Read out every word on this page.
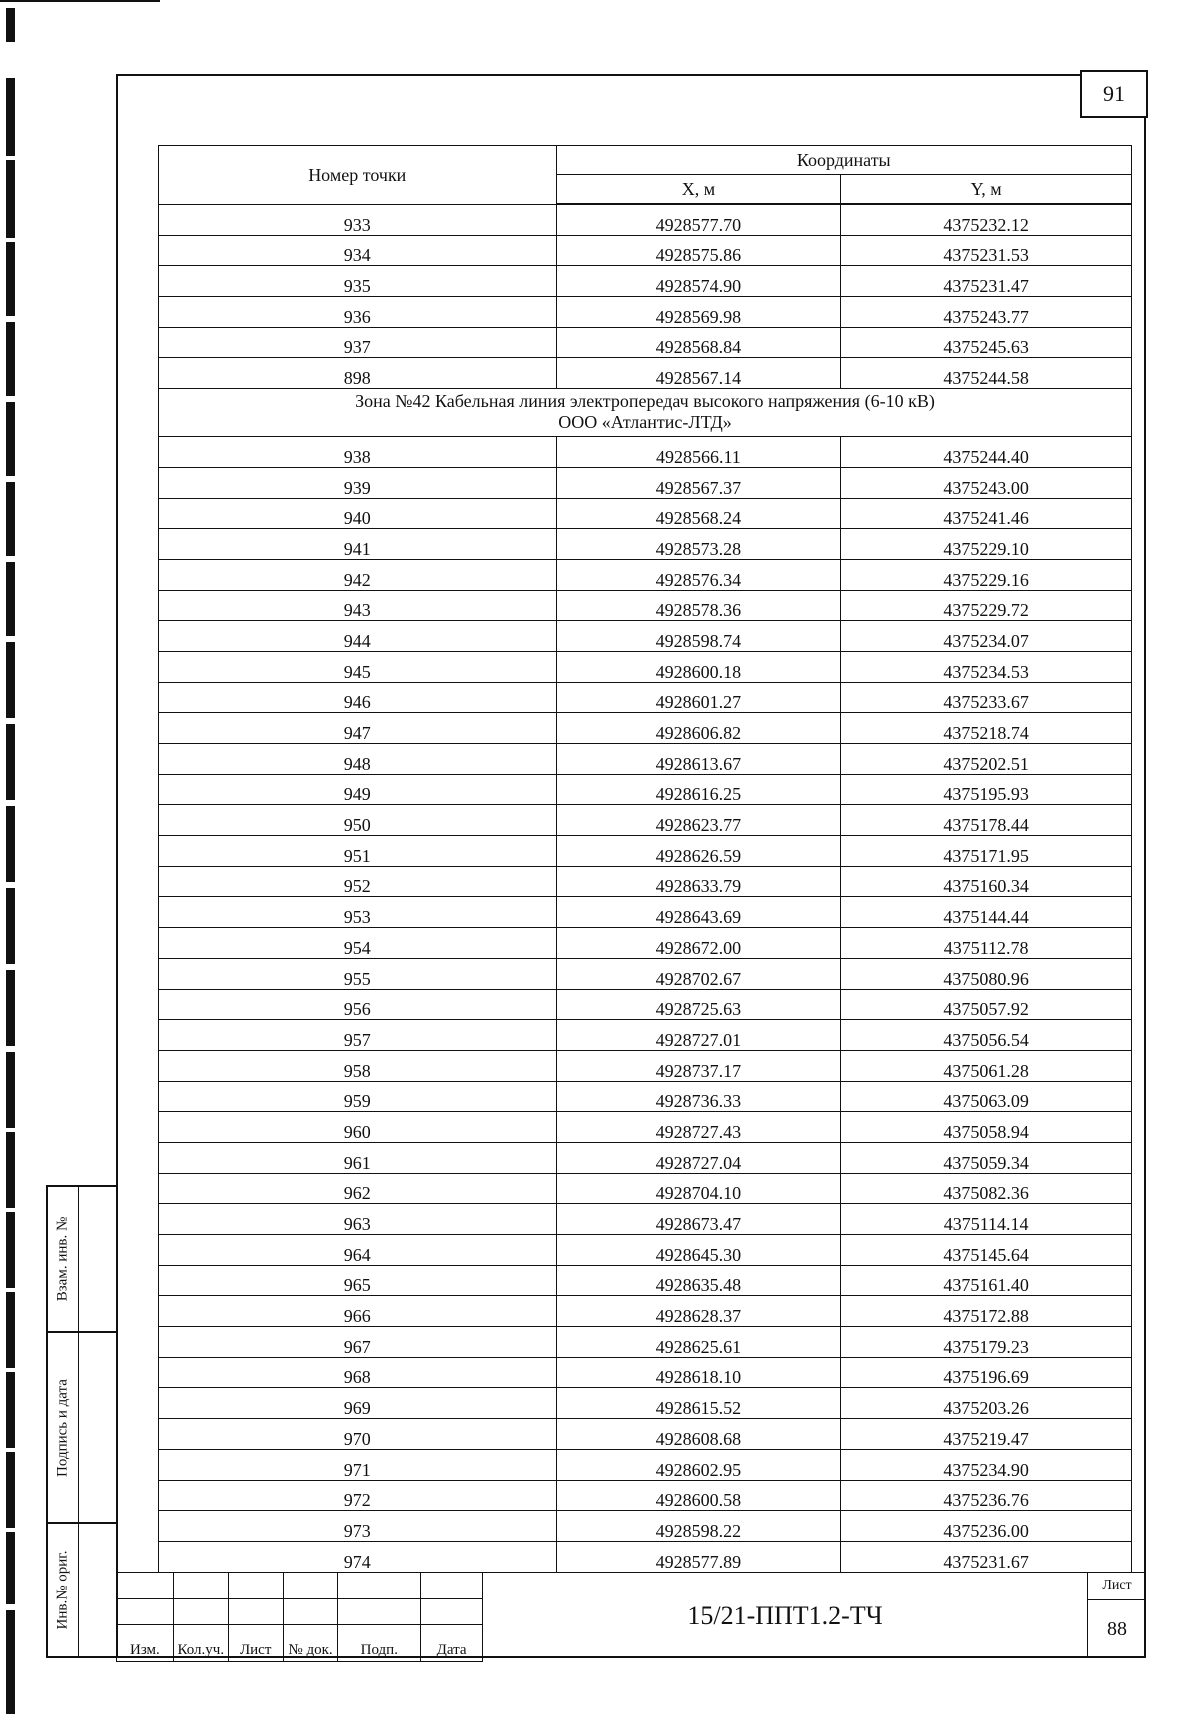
91
Взам. инв. №
Подпись и дата
Инв.№ ориг.
Номер точки	Координаты	
	X, м	Y, м
933	4928577.70	4375232.12
934	4928575.86	4375231.53
935	4928574.90	4375231.47
936	4928569.98	4375243.77
937	4928568.84	4375245.63
898	4928567.14	4375244.58

Зона №42 Кабельная линия электропередач высокого напряжения (6-10 кВ)
ООО «Атлантис-ЛТД»		

938	4928566.11	4375244.40
939	4928567.37	4375243.00
940	4928568.24	4375241.46
941	4928573.28	4375229.10
942	4928576.34	4375229.16
943	4928578.36	4375229.72
944	4928598.74	4375234.07
945	4928600.18	4375234.53
946	4928601.27	4375233.67
947	4928606.82	4375218.74
948	4928613.67	4375202.51
949	4928616.25	4375195.93
950	4928623.77	4375178.44
951	4928626.59	4375171.95
952	4928633.79	4375160.34
953	4928643.69	4375144.44
954	4928672.00	4375112.78
955	4928702.67	4375080.96
956	4928725.63	4375057.92
957	4928727.01	4375056.54
958	4928737.17	4375061.28
959	4928736.33	4375063.09
960	4928727.43	4375058.94
961	4928727.04	4375059.34
962	4928704.10	4375082.36
963	4928673.47	4375114.14
964	4928645.30	4375145.64
965	4928635.48	4375161.40
966	4928628.37	4375172.88
967	4928625.61	4375179.23
968	4928618.10	4375196.69
969	4928615.52	4375203.26
970	4928608.68	4375219.47
971	4928602.95	4375234.90
972	4928600.58	4375236.76
973	4928598.22	4375236.00
974	4928577.89	4375231.67

Изм.	Кол.уч.	Лист	№ док.	Подп.	Дата
15/21-ППТ1.2-ТЧ
Лист
88
